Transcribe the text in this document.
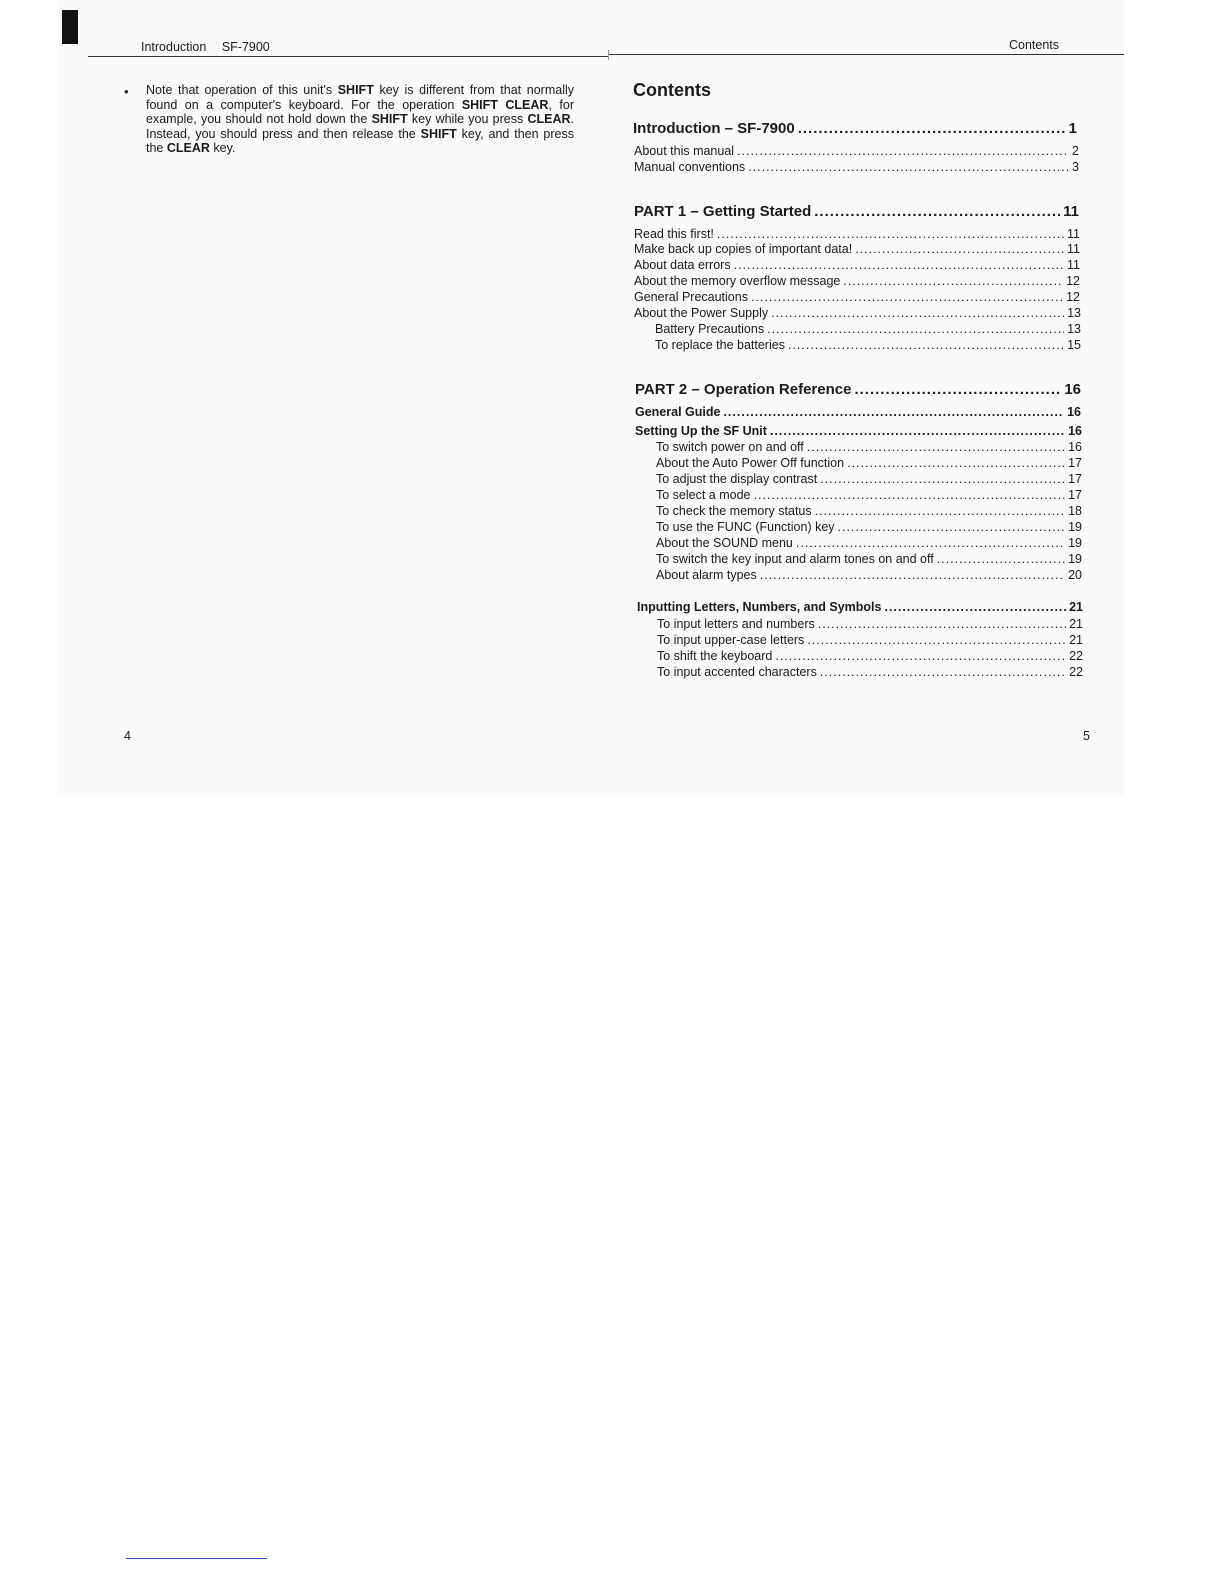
Introduction SF-7900	Contents
• Note that operation of this unit's SHIFT key is different from that normally found on a computer's keyboard. For the operation SHIFT CLEAR, for example, you should not hold down the SHIFT key while you press CLEAR. Instead, you should press and then release the SHIFT key, and then press the CLEAR key.
Contents
Introduction – SF-7900 .....	1
About this manual .....	2
Manual conventions .....	3
PART 1 – Getting Started .....	11
Read this first! .....	11
Make back up copies of important data! .....	11
About data errors .....	11
About the memory overflow message .....	12
General Precautions .....	12
About the Power Supply .....	13
Battery Precautions .....	13
To replace the batteries .....	15
PART 2 – Operation Reference .....	16
General Guide .....	16
Setting Up the SF Unit .....	16
To switch power on and off .....	16
About the Auto Power Off function .....	17
To adjust the display contrast .....	17
To select a mode .....	17
To check the memory status .....	18
To use the FUNC (Function) key .....	19
About the SOUND menu .....	19
To switch the key input and alarm tones on and off .....	19
About alarm types .....	20
Inputting Letters, Numbers, and Symbols .....	21
To input letters and numbers .....	21
To input upper-case letters .....	21
To shift the keyboard .....	22
To input accented characters .....	22
4	5
